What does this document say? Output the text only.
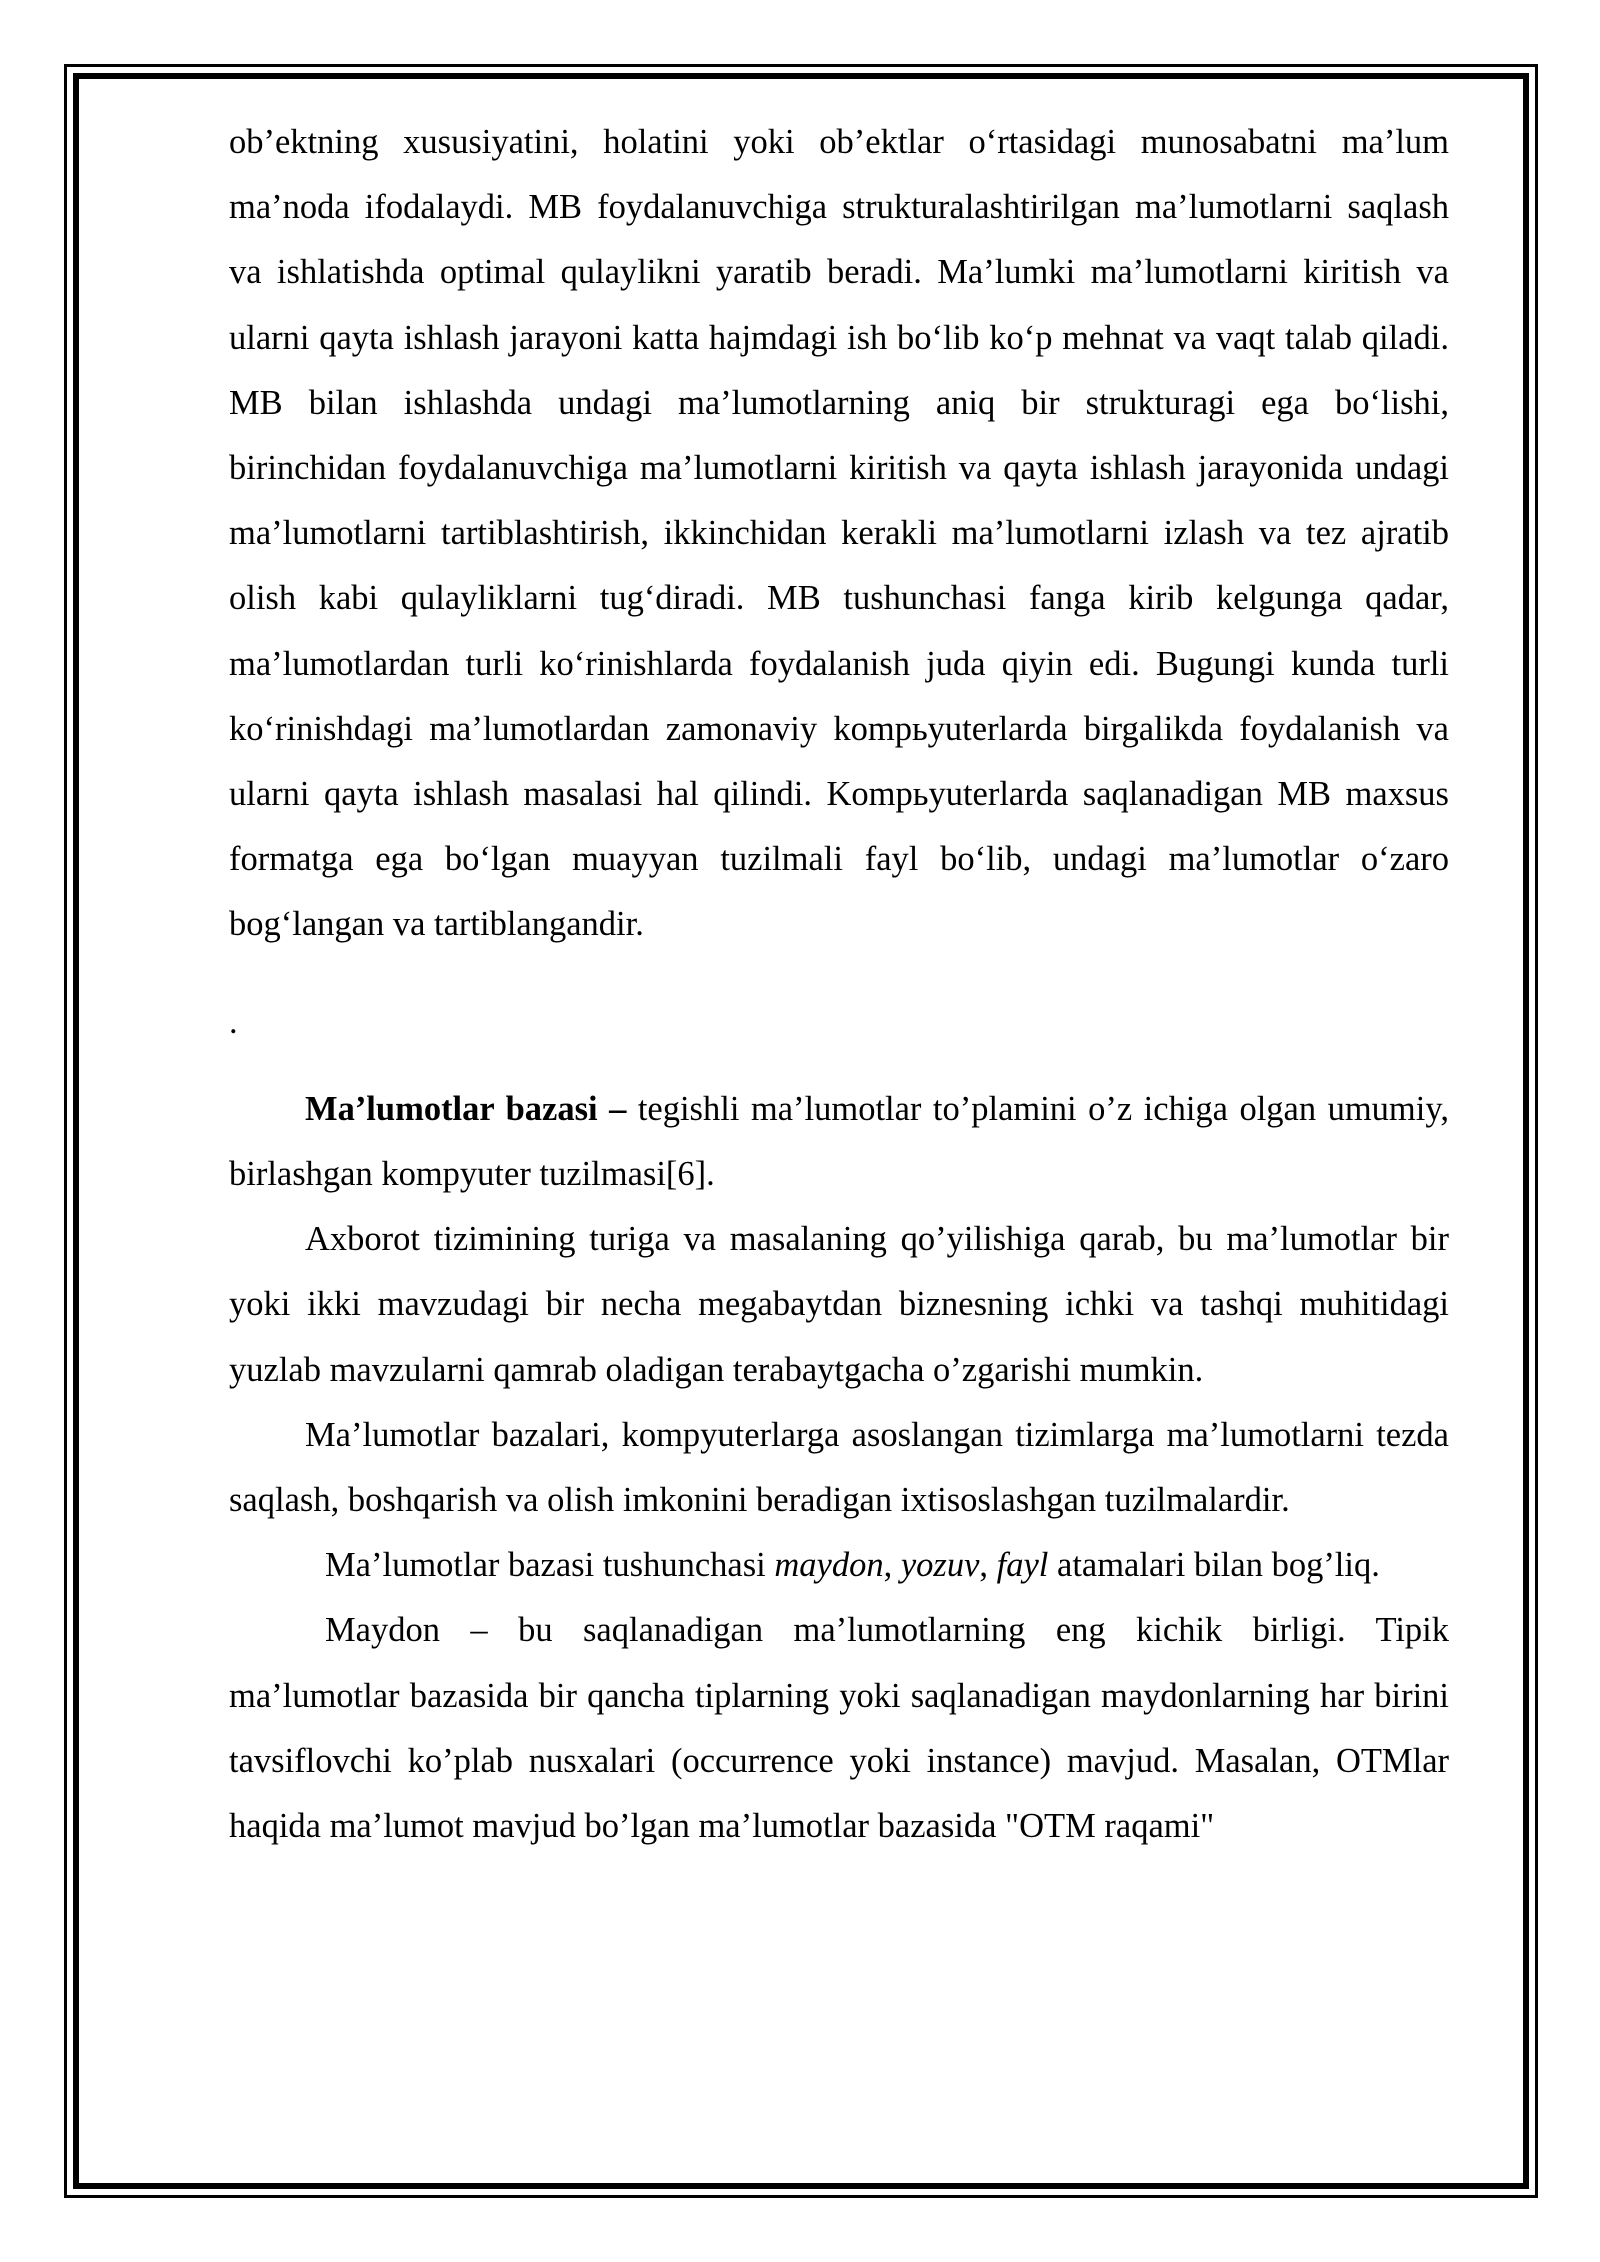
ob’ektning xususiyatini, holatini yoki ob’ektlar o‘rtasidagi munosabatni ma’lum ma’noda ifodalaydi. MB foydalanuvchiga strukturalashtirilgan ma’lumotlarni saqlash va ishlatishda optimal qulaylikni yaratib beradi. Ma’lumki ma’lumotlarni kiritish va ularni qayta ishlash jarayoni katta hajmdagi ish bo‘lib ko‘p mehnat va vaqt talab qiladi. MB bilan ishlashda undagi ma’lumotlarning aniq bir strukturagi ega bo‘lishi, birinchidan foydalanuvchiga ma’lumotlarni kiritish va qayta ishlash jarayonida undagi ma’lumotlarni tartiblashtirish, ikkinchidan kerakli ma’lumotlarni izlash va tez ajratib olish kabi qulayliklarni tug‘diradi. MB tushunchasi fanga kirib kelgunga qadar, ma’lumotlardan turli ko‘rinishlarda foydalanish juda qiyin edi. Bugungi kunda turli ko‘rinishdagi ma’lumotlardan zamonaviy kompьyuterlarda birgalikda foydalanish va ularni qayta ishlash masalasi hal qilindi. Kompьyuterlarda saqlanadigan MB maxsus formatga ega bo‘lgan muayyan tuzilmali fayl bo‘lib, undagi ma’lumotlar o‘zaro bog‘langan va tartiblangandir.

.

Ma’lumotlar bazasi – tegishli ma’lumotlar to’plamini o’z ichiga olgan umumiy, birlashgan kompyuter tuzilmasi[6].

Axborot tizimining turiga va masalaning qo’yilishiga qarab, bu ma’lumotlar bir yoki ikki mavzudagi bir necha megabaytdan biznesning ichki va tashqi muhitidagi yuzlab mavzularni qamrab oladigan terabaytgacha o’zgarishi mumkin.

Ma’lumotlar bazalari, kompyuterlarga asoslangan tizimlarga ma’lumotlarni tezda saqlash, boshqarish va olish imkonini beradigan ixtisoslashgan tuzilmalardir.

Ma’lumotlar bazasi tushunchasi maydon, yozuv, fayl atamalari bilan bog’liq.

Maydon – bu saqlanadigan ma’lumotlarning eng kichik birligi. Tipik ma’lumotlar bazasida bir qancha tiplarning yoki saqlanadigan maydonlarning har birini tavsiflovchi ko’plab nusxalari (occurrence yoki instance) mavjud. Masalan, OTMlar haqida ma’lumot mavjud bo’lgan ma’lumotlar bazasida "OTM raqami"
